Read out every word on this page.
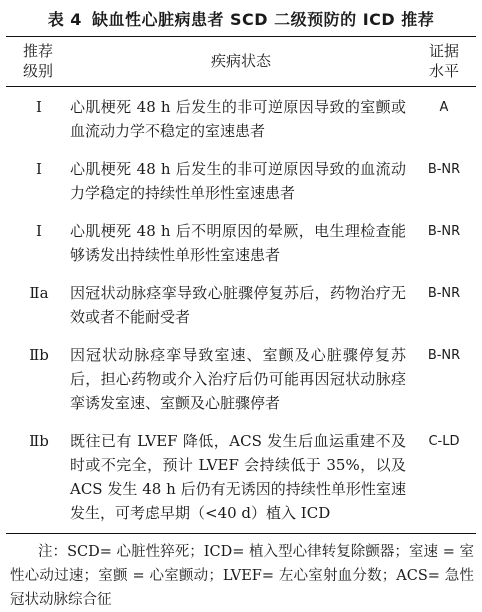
表 4 缺血性心脏病患者 SCD 二级预防的 ICD 推荐
推荐
级别	疾病状态	证据
水平
Ⅰ	心肌梗死 48 h 后发生的非可逆原因导致的室颤或血流动力学不稳定的室速患者	A
Ⅰ	心肌梗死 48 h 后发生的非可逆原因导致的血流动力学稳定的持续性单形性室速患者	B-NR
Ⅰ	心肌梗死 48 h 后不明原因的晕厥，电生理检查能够诱发出持续性单形性室速患者	B-NR
Ⅱa	因冠状动脉痉挛导致心脏骤停复苏后，药物治疗无效或者不能耐受者	B-NR
Ⅱb	因冠状动脉痉挛导致室速、室颤及心脏骤停复苏后，担心药物或介入治疗后仍可能再因冠状动脉痉挛诱发室速、室颤及心脏骤停者	B-NR
Ⅱb	既往已有 LVEF 降低，ACS 发生后血运重建不及时或不完全，预计 LVEF 会持续低于 35%，以及 ACS 发生 48 h 后仍有无诱因的持续性单形性室速发生，可考虑早期（<40 d）植入 ICD	C-LD
注：SCD= 心脏性猝死；ICD= 植入型心律转复除颤器；室速 = 室性心动过速；室颤 = 心室颤动；LVEF= 左心室射血分数；ACS= 急性冠状动脉综合征
